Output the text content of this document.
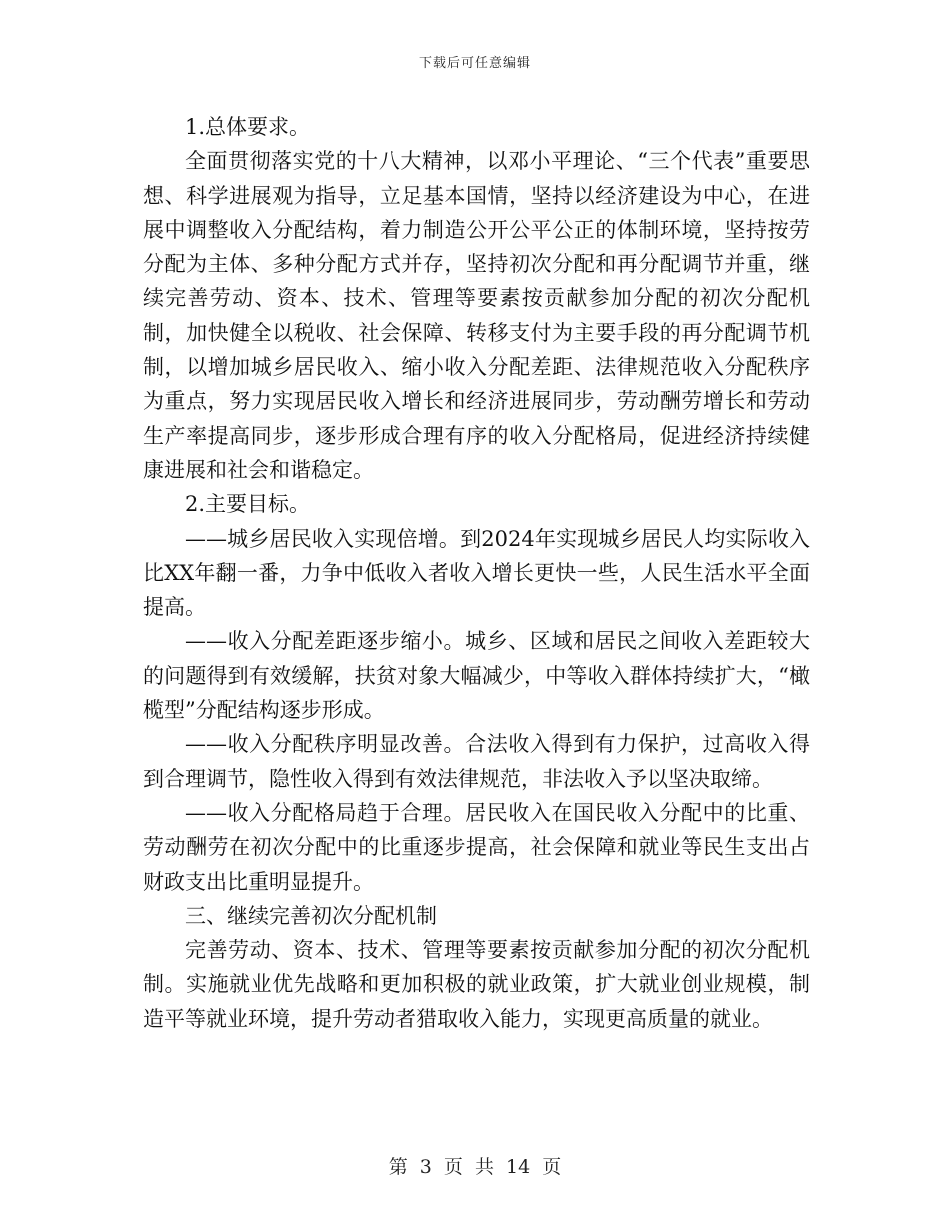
下载后可任意编辑

1.总体要求。

全面贯彻落实党的十八大精神，以邓小平理论、“三个代表”重要思想、科学进展观为指导，立足基本国情，坚持以经济建设为中心，在进展中调整收入分配结构，着力制造公开公平公正的体制环境，坚持按劳分配为主体、多种分配方式并存，坚持初次分配和再分配调节并重，继续完善劳动、资本、技术、管理等要素按贡献参加分配的初次分配机制，加快健全以税收、社会保障、转移支付为主要手段的再分配调节机制，以增加城乡居民收入、缩小收入分配差距、法律规范收入分配秩序为重点，努力实现居民收入增长和经济进展同步，劳动酬劳增长和劳动生产率提高同步，逐步形成合理有序的收入分配格局，促进经济持续健康进展和社会和谐稳定。

2.主要目标。

——城乡居民收入实现倍增。到2024年实现城乡居民人均实际收入比XX年翻一番，力争中低收入者收入增长更快一些，人民生活水平全面提高。

——收入分配差距逐步缩小。城乡、区域和居民之间收入差距较大的问题得到有效缓解，扶贫对象大幅减少，中等收入群体持续扩大，“橄榄型”分配结构逐步形成。

——收入分配秩序明显改善。合法收入得到有力保护，过高收入得到合理调节，隐性收入得到有效法律规范，非法收入予以坚决取缔。

——收入分配格局趋于合理。居民收入在国民收入分配中的比重、劳动酬劳在初次分配中的比重逐步提高，社会保障和就业等民生支出占财政支出比重明显提升。

三、继续完善初次分配机制

完善劳动、资本、技术、管理等要素按贡献参加分配的初次分配机制。实施就业优先战略和更加积极的就业政策，扩大就业创业规模，制造平等就业环境，提升劳动者猎取收入能力，实现更高质量的就业。

第 3 页 共 14 页
